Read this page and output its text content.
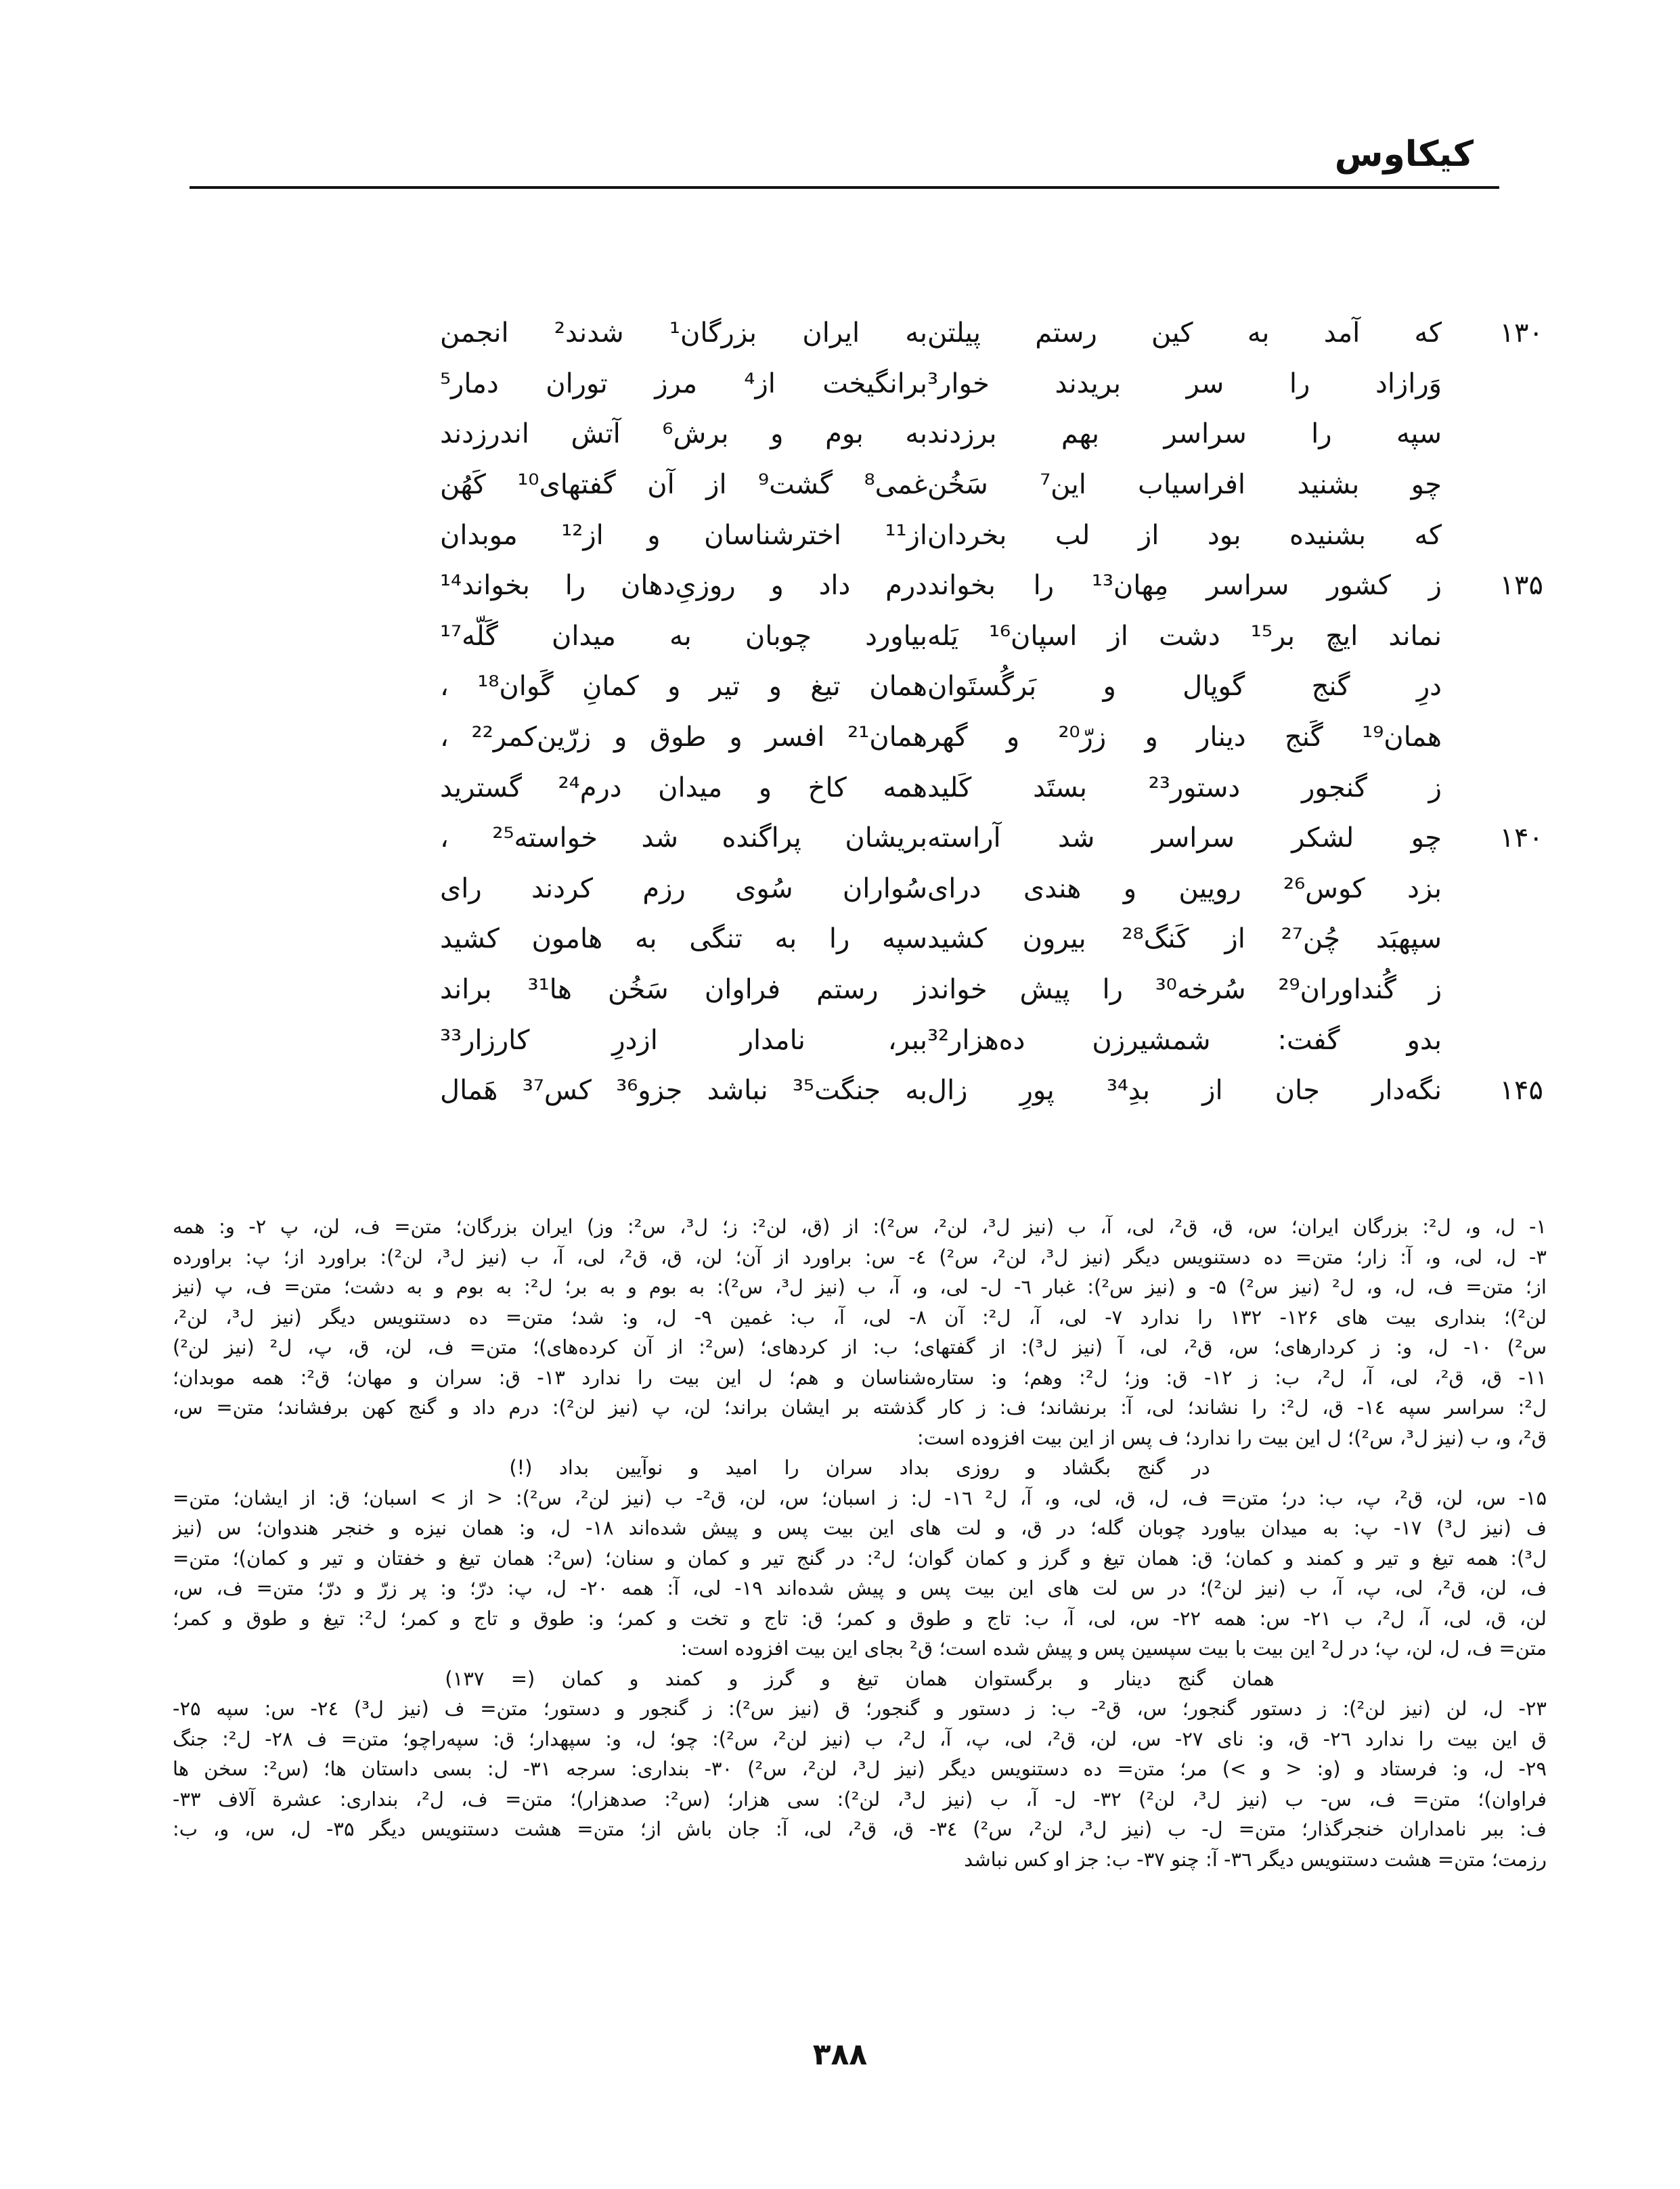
کیکاوس
۱۳۰
که آمد به کین رستم پیلتن
به ایران بزرگان¹ شدند² انجمن
وَرازاد را سر بریدند خوار³
برانگیخت از⁴ مرز توران دمار⁵
سپه را سراسر بهم برزدند
به بوم و برش⁶ آتش اندرزدند
چو بشنید افراسیاب این⁷ سَخُن
غمی⁸ گشت⁹ از آن گفتهای¹⁰ کَهُن
که بشنیده بود از لب بخردان
از¹¹ اخترشناسان و از¹² موبدان
۱۳۵
ز کشور سراسر مِهان¹³ را بخواند
درم داد و روزیِ‌دهان را بخواند¹⁴
نماند ایچ بر¹⁵ دشت از اسپان¹⁶ یَله
بیاورد چوبان به میدان گَلّه¹⁷
درِ گنج گوپال و بَرگُستَوان
همان تیغ و تیر و کمانِ گَوان¹⁸ ،
همان¹⁹ گَنج دینار و زرّ²⁰ و گهر
همان²¹ افسر و طوق و زرّین‌کمر²² ،
ز گنجور دستور²³ بستَد کَلید
همه کاخ و میدان درم²⁴ گسترید
۱۴۰
چو لشکر سراسر شد آراسته
بریشان پراگنده شد خواسته²⁵ ،
بزد کوس²⁶ رویین و هندی درای
سُواران سُوی رزم کردند رای
سپهبَد چُن²⁷ از کَنگ²⁸ بیرون کشید
سپه را به تنگی به هامون کشید
ز گُنداوران²⁹ سُرخه³⁰ را پیش خواند
ز رستم فراوان سَخُن ها³¹ براند
بدو گفت: شمشیرزن ده‌هزار³²
ببر، نامدار ازدرِ کارزار³³
۱۴۵
نگه‌دار جان از بدِ³⁴ پورِ زال
به جنگت³⁵ نباشد جزو³⁶ کس³⁷ هَمال
۱- ل، و، ل²: بزرگان ایران؛ س، ق، ق²، لی، آ، ب (نیز ل³، لن²، س²): از (ق، لن²: ز؛ ل³، س²: وز) ایران بزرگان؛ متن= ف، لن، پ ۲- و: همه
۳- ل، لی، و، آ: زار؛ متن= ده دستنویس دیگر (نیز ل³، لن²، س²) ٤- س: براورد از آن؛ لن، ق، ق²، لی، آ، ب (نیز ل³، لن²): براورد از؛ پ: براورده
از؛ متن= ف، ل، و، ل² (نیز س²) ۵- و (نیز س²): غبار ٦- ل- لی، و، آ، ب (نیز ل³، س²): به بوم و به بر؛ ل²: به بوم و به دشت؛ متن= ف، پ (نیز
لن²)؛ بنداری بیت های ۱۲۶- ۱۳۲ را ندارد ۷- لی، آ، ل²: آن ۸- لی، آ، ب: غمین ۹- ل، و: شد؛ متن= ده دستنویس دیگر (نیز ل³، لن²،
س²) ۱۰- ل، و: ز کردارهای؛ س، ق²، لی، آ (نیز ل³): از گفتهای؛ ب: از کردهای؛ (س²: از آن کرده‌های)؛ متن= ف، لن، ق، پ، ل² (نیز لن²)
۱۱- ق، ق²، لی، آ، ل²، ب: ز ۱۲- ق: وز؛ ل²: وهم؛ و: ستاره‌شناسان و هم؛ ل این بیت را ندارد ۱۳- ق: سران و مهان؛ ق²: همه موبدان؛
ل²: سراسر سپه ۱٤- ق، ل²: را نشاند؛ لی، آ: برنشاند؛ ف: ز کار گذشته بر ایشان براند؛ لن، پ (نیز لن²): درم داد و گنج کهن برفشاند؛ متن= س،
ق²، و، ب (نیز ل³، س²)؛ ل این بیت را ندارد؛ ف پس از این بیت افزوده است:
در گنج بگشاد و روزی بداد سران را امید و نوآیین بداد (!)
۱۵- س، لن، ق²، پ، ب: در؛ متن= ف، ل، ق، لی، و، آ، ل² ۱٦- ل: ز اسبان؛ س، لن، ق²- ب (نیز لن²، س²): < از > اسبان؛ ق: از ایشان؛ متن=
ف (نیز ل³) ۱۷- پ: به میدان بیاورد چوبان گله؛ در ق، و لت های این بیت پس و پیش شده‌اند ۱۸- ل، و: همان نیزه و خنجر هندوان؛ س (نیز
ل³): همه تیغ و تیر و کمند و کمان؛ ق: همان تیغ و گرز و کمان گوان؛ ل²: در گنج تیر و کمان و سنان؛ (س²: همان تیغ و خفتان و تیر و کمان)؛ متن=
ف، لن، ق²، لی، پ، آ، ب (نیز لن²)؛ در س لت های این بیت پس و پیش شده‌اند ۱۹- لی، آ: همه ۲۰- ل، پ: درّ؛ و: پر زرّ و درّ؛ متن= ف، س،
لن، ق، لی، آ، ل²، ب ۲۱- س: همه ۲۲- س، لی، آ، ب: تاج و طوق و کمر؛ ق: تاج و تخت و کمر؛ و: طوق و تاج و کمر؛ ل²: تیغ و طوق و کمر؛
متن= ف، ل، لن، پ؛ در ل² این بیت با بیت سپسین پس و پیش شده است؛ ق² بجای این بیت افزوده است:
همان گنج دینار و برگستوان همان تیغ و گرز و کمند و کمان (= ۱۳۷)
۲۳- ل، لن (نیز لن²): ز دستور گنجور؛ س، ق²- ب: ز دستور و گنجور؛ ق (نیز س²): ز گنجور و دستور؛ متن= ف (نیز ل³) ۲٤- س: سپه ۲۵-
ق این بیت را ندارد ۲٦- ق، و: نای ۲۷- س، لن، ق²، لی، پ، آ، ل²، ب (نیز لن²، س²): چو؛ ل، و: سپهدار؛ ق: سپه‌راچو؛ متن= ف ۲۸- ل²: جنگ
۲۹- ل، و: فرستاد و (و: < و >) مر؛ متن= ده دستنویس دیگر (نیز ل³، لن²، س²) ۳۰- بنداری: سرجه ۳۱- ل: بسی داستان ها؛ (س²: سخن ها
فراوان)؛ متن= ف، س- ب (نیز ل³، لن²) ۳۲- ل- آ، ب (نیز ل³، لن²): سی هزار؛ (س²: صدهزار)؛ متن= ف، ل²، بنداری: عشرة آلاف ۳۳-
ف: ببر نامداران خنجرگذار؛ متن= ل- ب (نیز ل³، لن²، س²) ۳٤- ق، ق²، لی، آ: جان باش از؛ متن= هشت دستنویس دیگر ۳۵- ل، س، و، ب:
رزمت؛ متن= هشت دستنویس دیگر ۳٦- آ: چنو ۳۷- ب: جز او کس نباشد
۳۸۸
